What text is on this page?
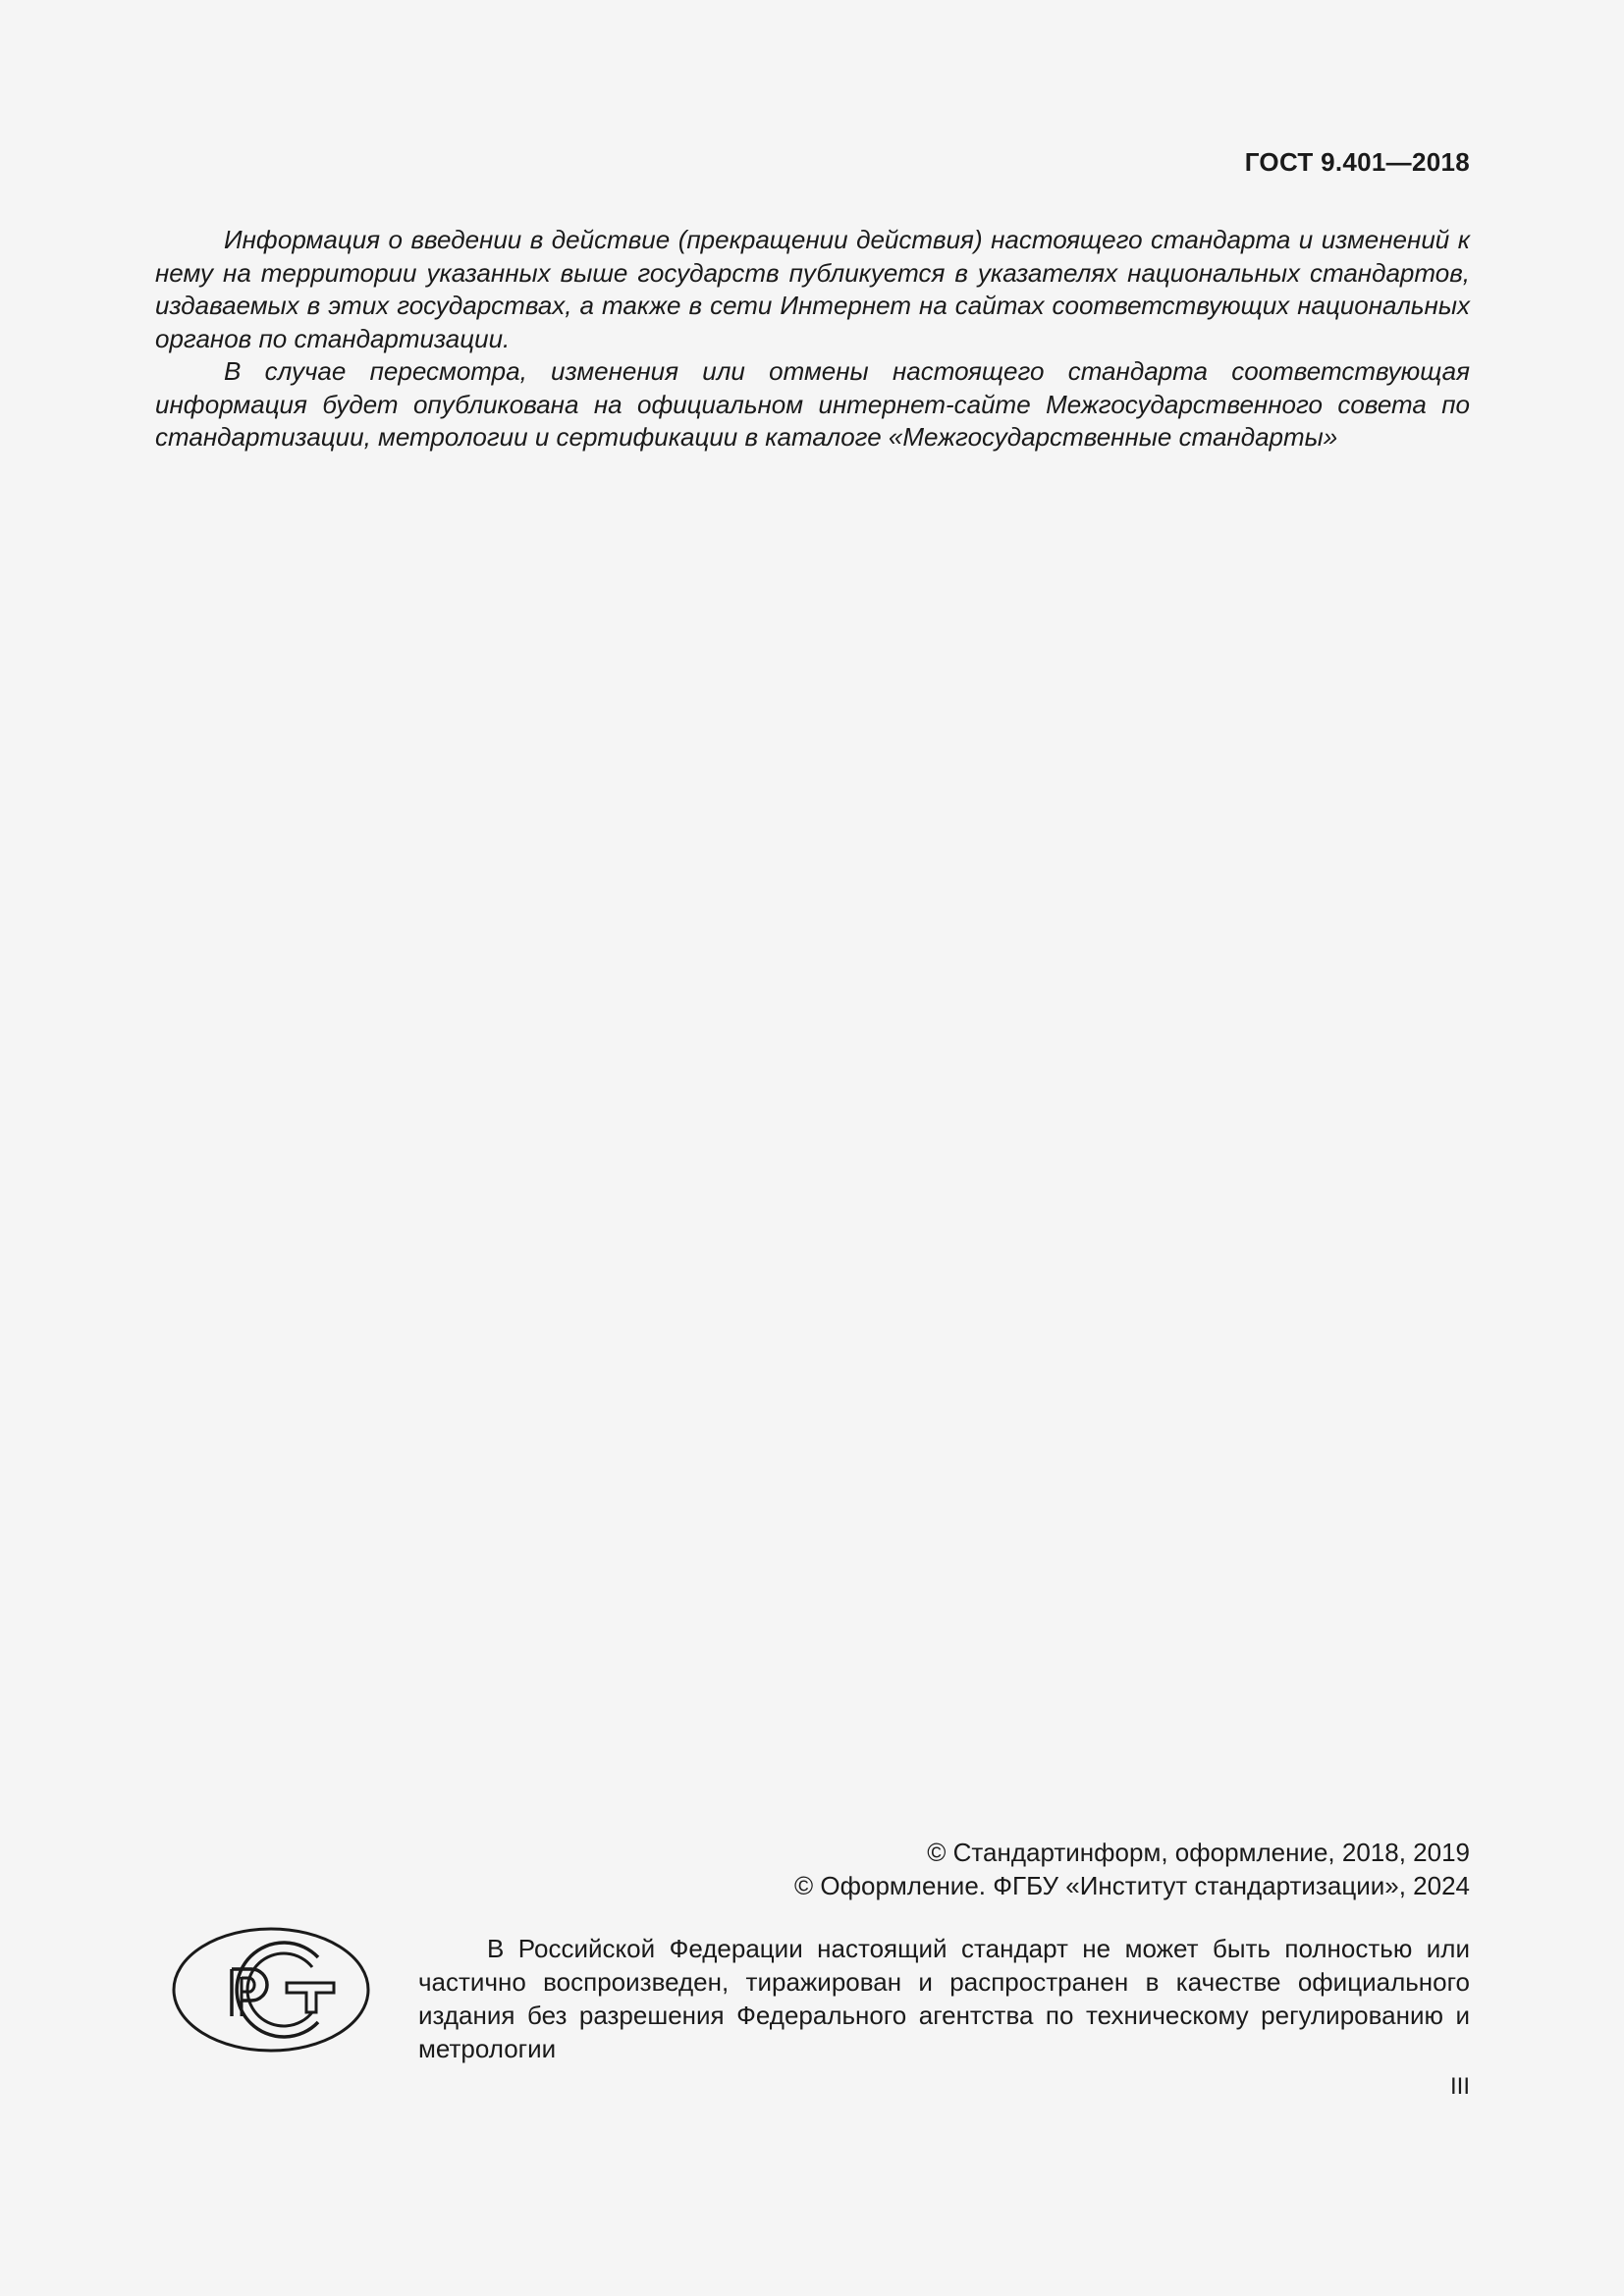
ГОСТ 9.401—2018

Информация о введении в действие (прекращении действия) настоящего стандарта и изменений к нему на территории указанных выше государств публикуется в указателях национальных стандартов, издаваемых в этих государствах, а также в сети Интернет на сайтах соответствующих национальных органов по стандартизации.

В случае пересмотра, изменения или отмены настоящего стандарта соответствующая информация будет опубликована на официальном интернет-сайте Межгосударственного совета по стандартизации, метрологии и сертификации в каталоге «Межгосударственные стандарты»

© Стандартинформ, оформление, 2018, 2019
© Оформление. ФГБУ «Институт стандартизации», 2024

В Российской Федерации настоящий стандарт не может быть полностью или частично воспроизведен, тиражирован и распространен в качестве официального издания без разрешения Федерального агентства по техническому регулированию и метрологии

III
